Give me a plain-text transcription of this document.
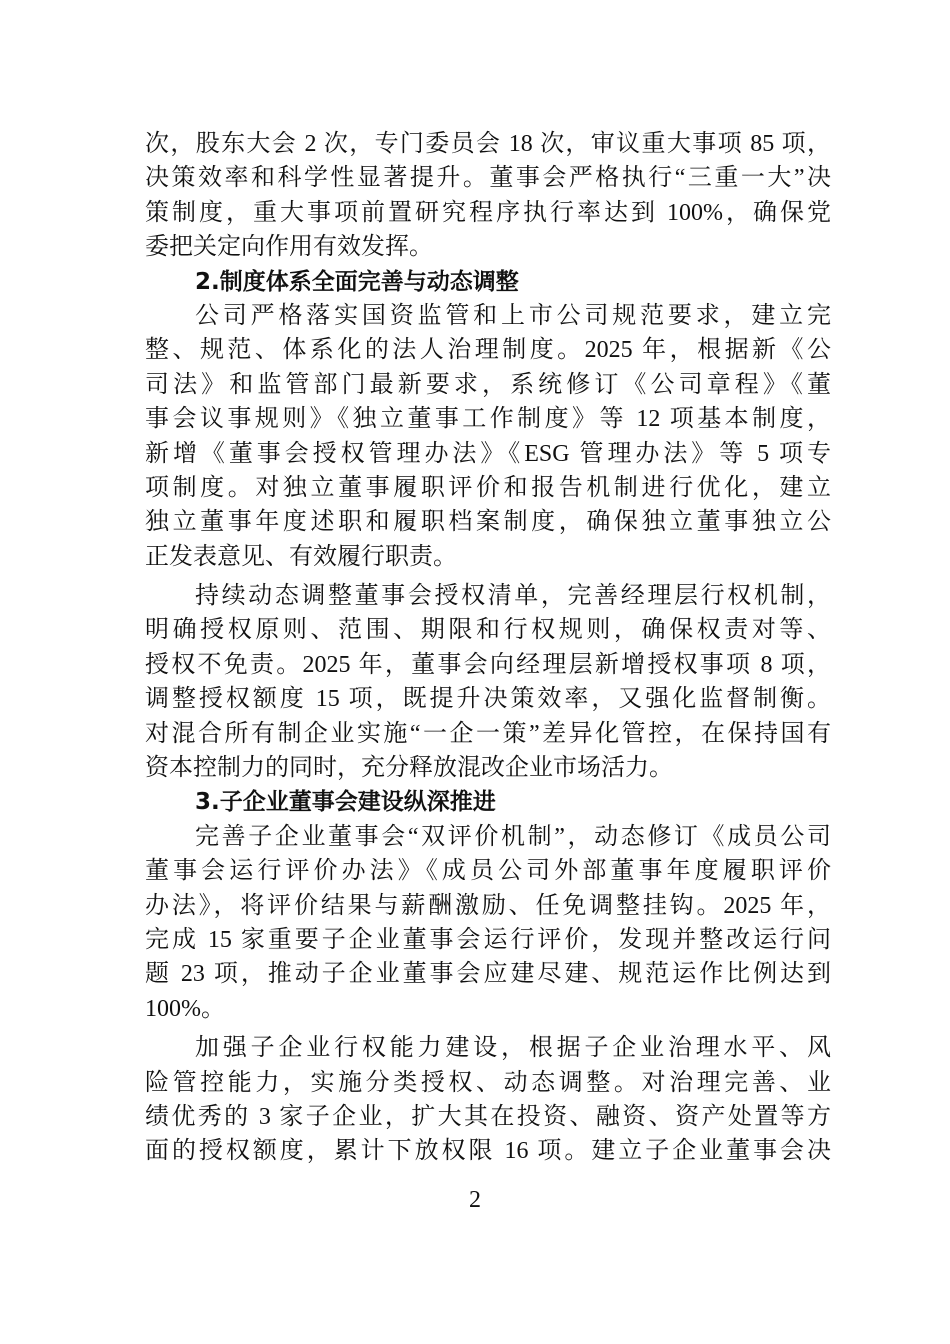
次，股东大会 2 次，专门委员会 18 次，审议重大事项 85 项，
决策效率和科学性显著提升。董事会严格执行“三重一大”决
策制度，重大事项前置研究程序执行率达到 100%，确保党
委把关定向作用有效发挥。
2.制度体系全面完善与动态调整
公司严格落实国资监管和上市公司规范要求，建立完
整、规范、体系化的法人治理制度。2025 年，根据新《公
司法》和监管部门最新要求，系统修订《公司章程》《董
事会议事规则》《独立董事工作制度》等 12 项基本制度，
新增《董事会授权管理办法》《ESG 管理办法》等 5 项专
项制度。对独立董事履职评价和报告机制进行优化，建立
独立董事年度述职和履职档案制度，确保独立董事独立公
正发表意见、有效履行职责。
持续动态调整董事会授权清单，完善经理层行权机制，
明确授权原则、范围、期限和行权规则，确保权责对等、
授权不免责。2025 年，董事会向经理层新增授权事项 8 项，
调整授权额度 15 项，既提升决策效率，又强化监督制衡。
对混合所有制企业实施“一企一策”差异化管控，在保持国有
资本控制力的同时，充分释放混改企业市场活力。
3.子企业董事会建设纵深推进
完善子企业董事会“双评价机制”，动态修订《成员公司
董事会运行评价办法》《成员公司外部董事年度履职评价
办法》，将评价结果与薪酬激励、任免调整挂钩。2025 年，
完成 15 家重要子企业董事会运行评价，发现并整改运行问
题 23 项，推动子企业董事会应建尽建、规范运作比例达到
100%。
加强子企业行权能力建设，根据子企业治理水平、风
险管控能力，实施分类授权、动态调整。对治理完善、业
绩优秀的 3 家子企业，扩大其在投资、融资、资产处置等方
面的授权额度，累计下放权限 16 项。建立子企业董事会决
2
